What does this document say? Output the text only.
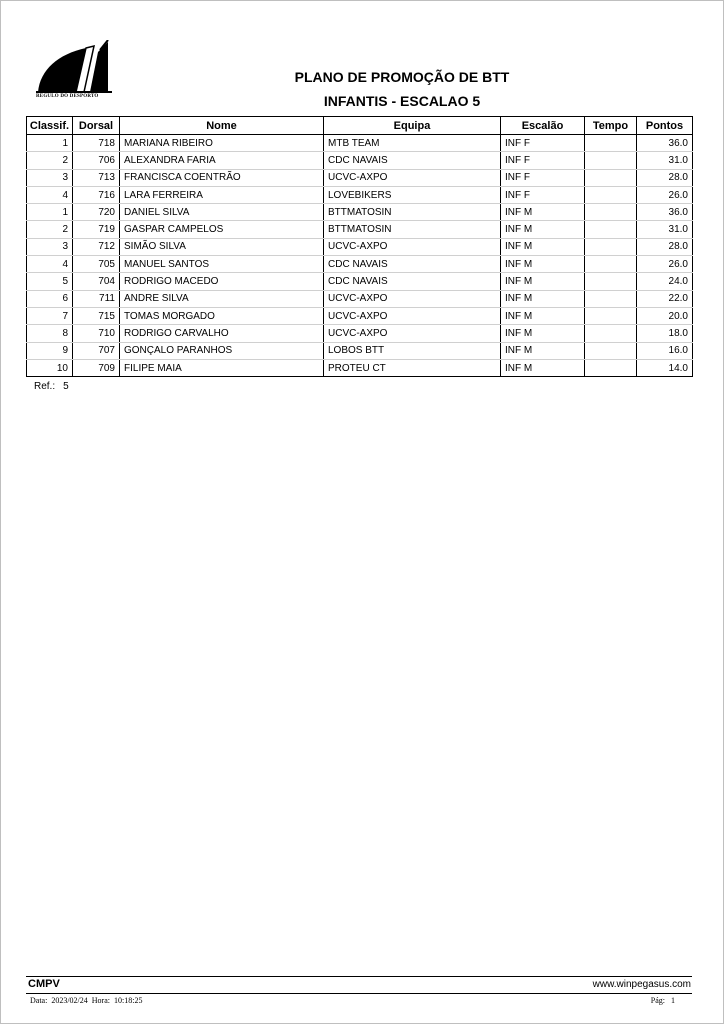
REGULO DO DESPORTO
PLANO DE PROMOÇÃO DE BTT
INFANTIS - ESCALAO 5
Classif.	Dorsal	Nome	Equipa	Escalão	Tempo	Pontos
1	718	MARIANA RIBEIRO	MTB TEAM	INF F		36.0
2	706	ALEXANDRA FARIA	CDC NAVAIS	INF F		31.0
3	713	FRANCISCA COENTRÃO	UCVC-AXPO	INF F		28.0
4	716	LARA FERREIRA	LOVEBIKERS	INF F		26.0
1	720	DANIEL SILVA	BTTMATOSIN	INF M		36.0
2	719	GASPAR CAMPELOS	BTTMATOSIN	INF M		31.0
3	712	SIMÃO SILVA	UCVC-AXPO	INF M		28.0
4	705	MANUEL SANTOS	CDC NAVAIS	INF M		26.0
5	704	RODRIGO MACEDO	CDC NAVAIS	INF M		24.0
6	711	ANDRE SILVA	UCVC-AXPO	INF M		22.0
7	715	TOMAS MORGADO	UCVC-AXPO	INF M		20.0
8	710	RODRIGO CARVALHO	UCVC-AXPO	INF M		18.0
9	707	GONÇALO PARANHOS	LOBOS BTT	INF M		16.0
10	709	FILIPE MAIA	PROTEU CT	INF M		14.0
Ref.: 5
CMPV	www.winpegasus.com
Data: 2023/02/24 Hora: 10:18:25	Pág: 1
